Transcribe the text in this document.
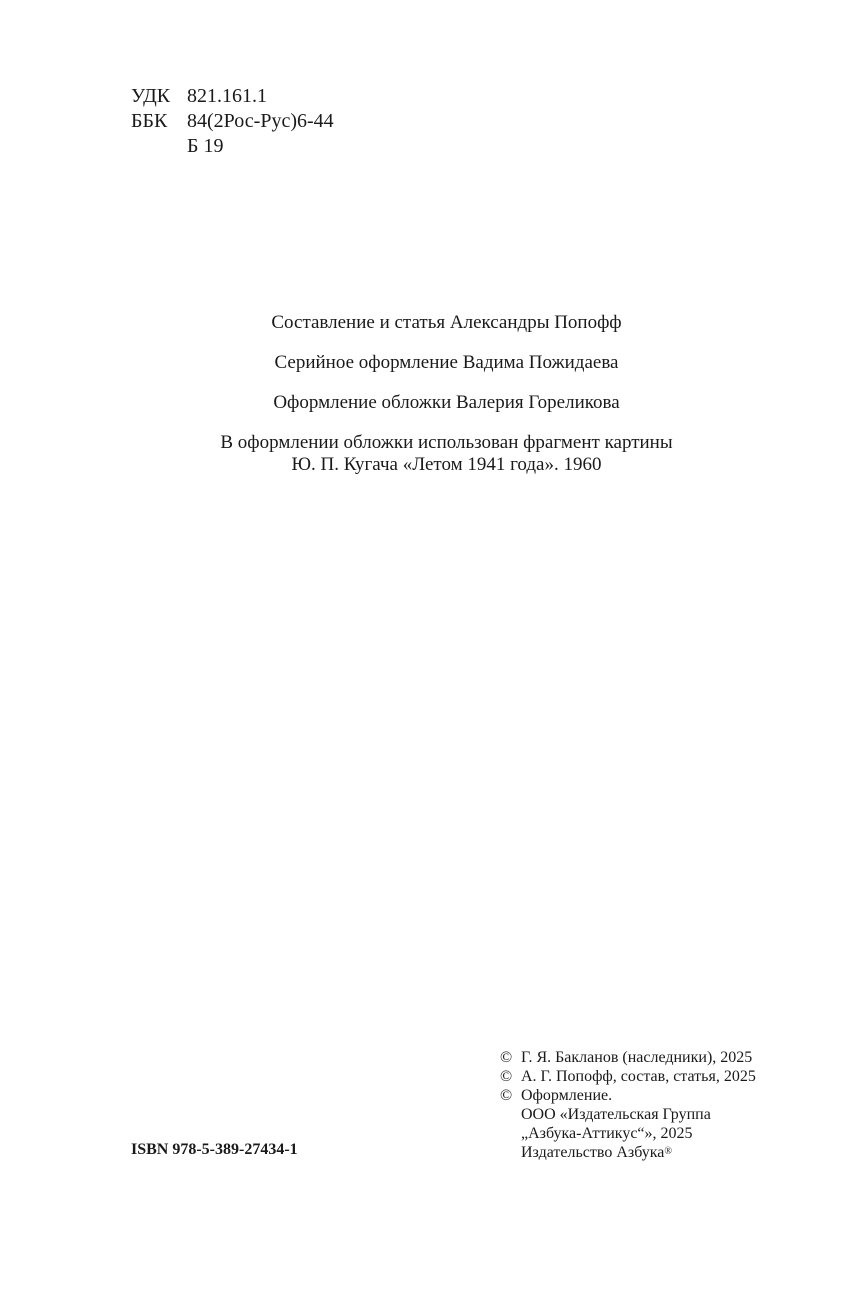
УДК 821.161.1
ББК 84(2Рос-Рус)6-44
Б 19

Составление и статья Александры Попофф

Серийное оформление Вадима Пожидаева

Оформление обложки Валерия Гореликова

В оформлении обложки использован фрагмент картины
Ю. П. Кугача «Летом 1941 года». 1960

ISBN 978-5-389-27434-1
© Г. Я. Бакланов (наследники), 2025
© А. Г. Попофф, состав, статья, 2025
© Оформление.
ООО «Издательская Группа
„Азбука-Аттикус“», 2025
Издательство Азбука®
